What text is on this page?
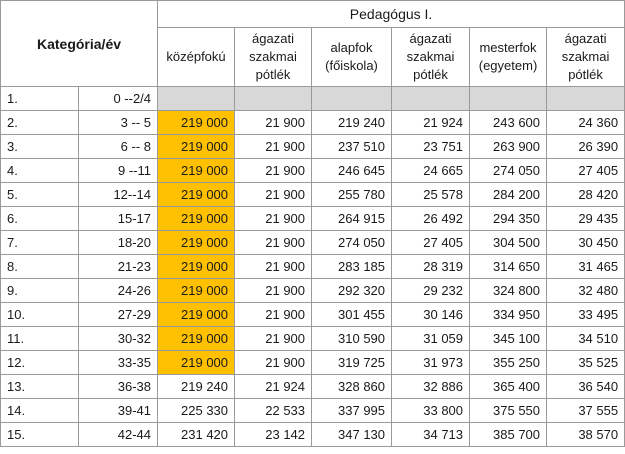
Kategória/év		Pedagógus I.					
		középfokú	ágazati szakmai pótlék	alapfok (főiskola)	ágazati szakmai pótlék	mesterfok (egyetem)	ágazati szakmai pótlék
1.	0 --2/4						
2.	3 -- 5	219 000	21 900	219 240	21 924	243 600	24 360
3.	6 -- 8	219 000	21 900	237 510	23 751	263 900	26 390
4.	9 --11	219 000	21 900	246 645	24 665	274 050	27 405
5.	12--14	219 000	21 900	255 780	25 578	284 200	28 420
6.	15-17	219 000	21 900	264 915	26 492	294 350	29 435
7.	18-20	219 000	21 900	274 050	27 405	304 500	30 450
8.	21-23	219 000	21 900	283 185	28 319	314 650	31 465
9.	24-26	219 000	21 900	292 320	29 232	324 800	32 480
10.	27-29	219 000	21 900	301 455	30 146	334 950	33 495
11.	30-32	219 000	21 900	310 590	31 059	345 100	34 510
12.	33-35	219 000	21 900	319 725	31 973	355 250	35 525
13.	36-38	219 240	21 924	328 860	32 886	365 400	36 540
14.	39-41	225 330	22 533	337 995	33 800	375 550	37 555
15.	42-44	231 420	23 142	347 130	34 713	385 700	38 570
